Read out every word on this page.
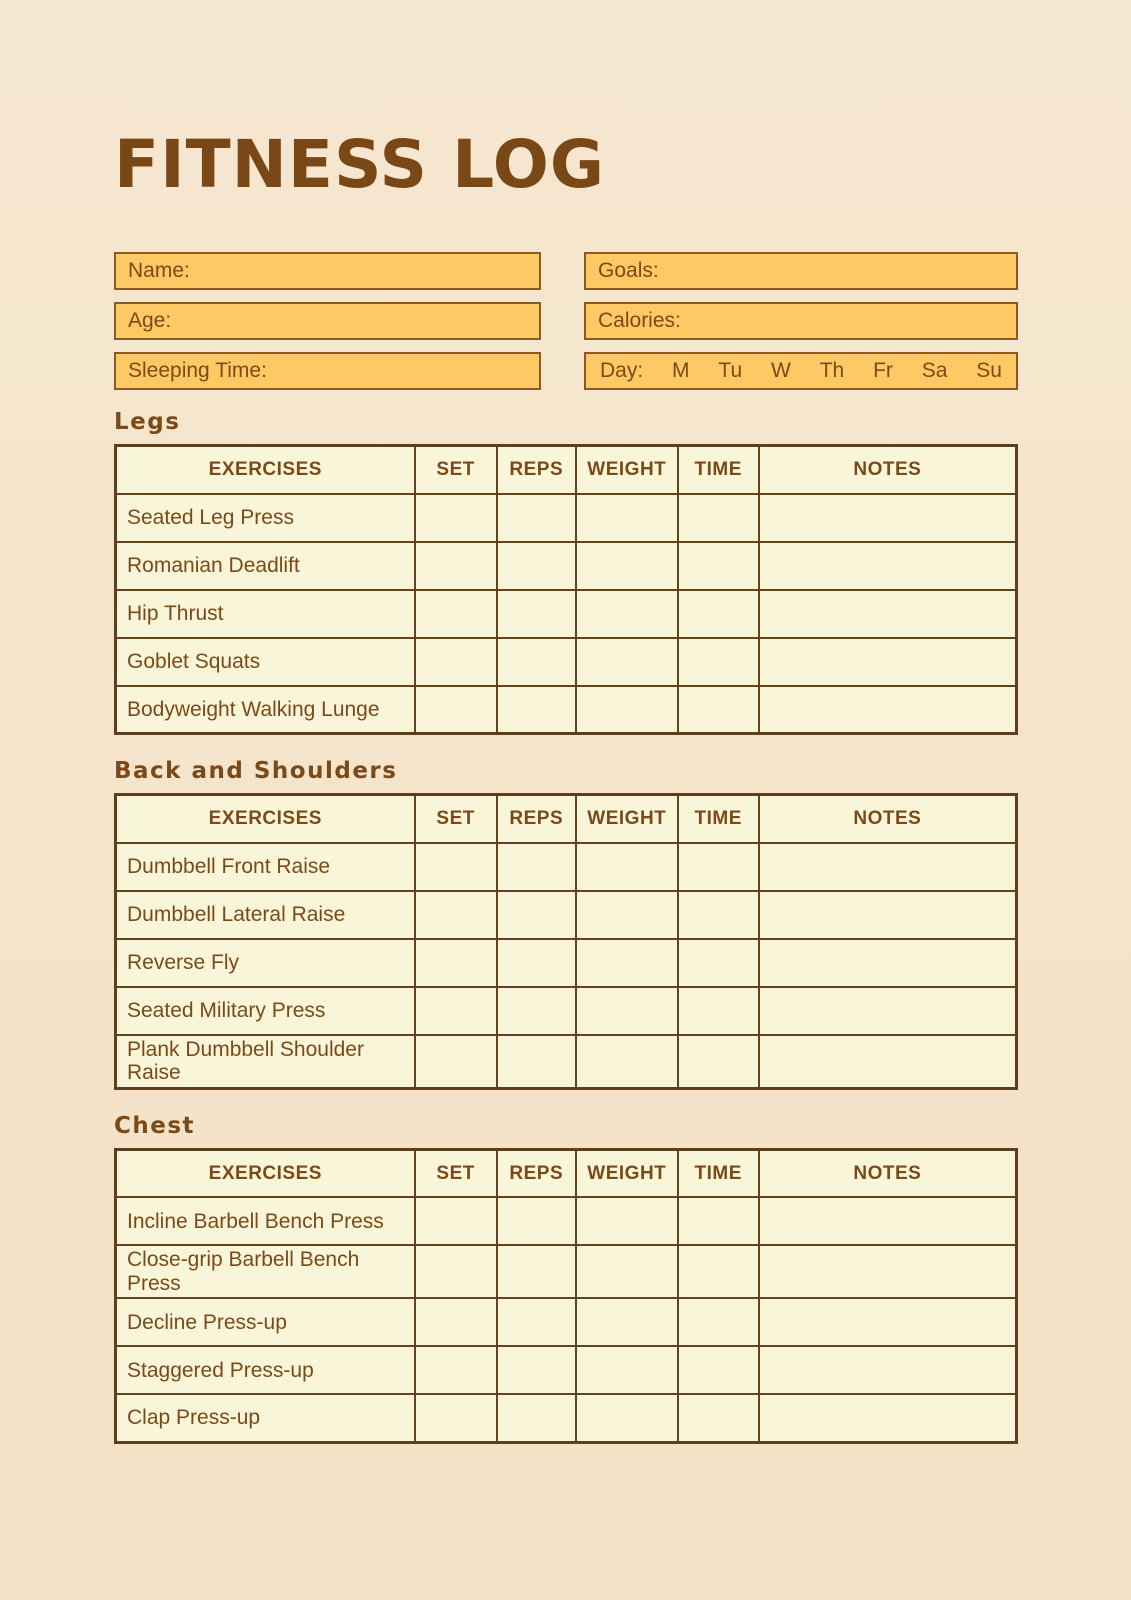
FITNESS LOG
Name:	Goals:
Age:	Calories:
Sleeping Time:	Day: M Tu W Th Fr Sa Su
Legs
EXERCISES	SET	REPS	WEIGHT	TIME	NOTES
Seated Leg Press					
Romanian Deadlift					
Hip Thrust					
Goblet Squats					
Bodyweight Walking Lunge					
Back and Shoulders
EXERCISES	SET	REPS	WEIGHT	TIME	NOTES
Dumbbell Front Raise					
Dumbbell Lateral Raise					
Reverse Fly					
Seated Military Press					
Plank Dumbbell Shoulder Raise					
Chest
EXERCISES	SET	REPS	WEIGHT	TIME	NOTES
Incline Barbell Bench Press					
Close-grip Barbell Bench Press					
Decline Press-up					
Staggered Press-up					
Clap Press-up					
